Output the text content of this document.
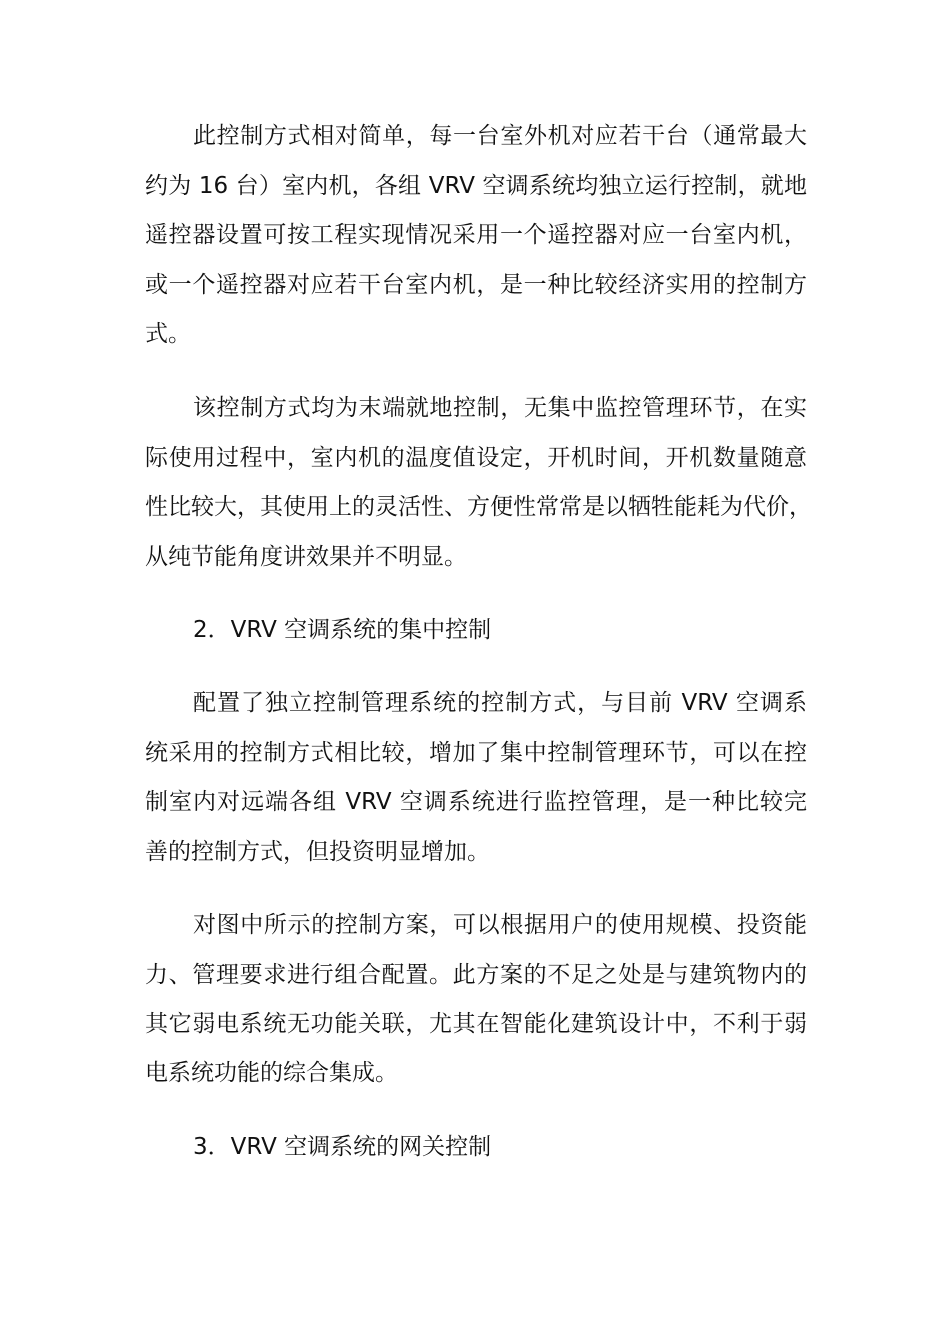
此控制方式相对简单，每一台室外机对应若干台（通常最大
约为 16 台）室内机，各组 VRV 空调系统均独立运行控制，就地
遥控器设置可按工程实现情况采用一个遥控器对应一台室内机，
或一个遥控器对应若干台室内机，是一种比较经济实用的控制方
式。
该控制方式均为末端就地控制，无集中监控管理环节，在实
际使用过程中，室内机的温度值设定，开机时间，开机数量随意
性比较大，其使用上的灵活性、方便性常常是以牺牲能耗为代价，
从纯节能角度讲效果并不明显。
2．VRV 空调系统的集中控制
配置了独立控制管理系统的控制方式，与目前 VRV 空调系
统采用的控制方式相比较，增加了集中控制管理环节，可以在控
制室内对远端各组 VRV 空调系统进行监控管理，是一种比较完
善的控制方式，但投资明显增加。
对图中所示的控制方案，可以根据用户的使用规模、投资能
力、管理要求进行组合配置。此方案的不足之处是与建筑物内的
其它弱电系统无功能关联，尤其在智能化建筑设计中，不利于弱
电系统功能的综合集成。
3．VRV 空调系统的网关控制
